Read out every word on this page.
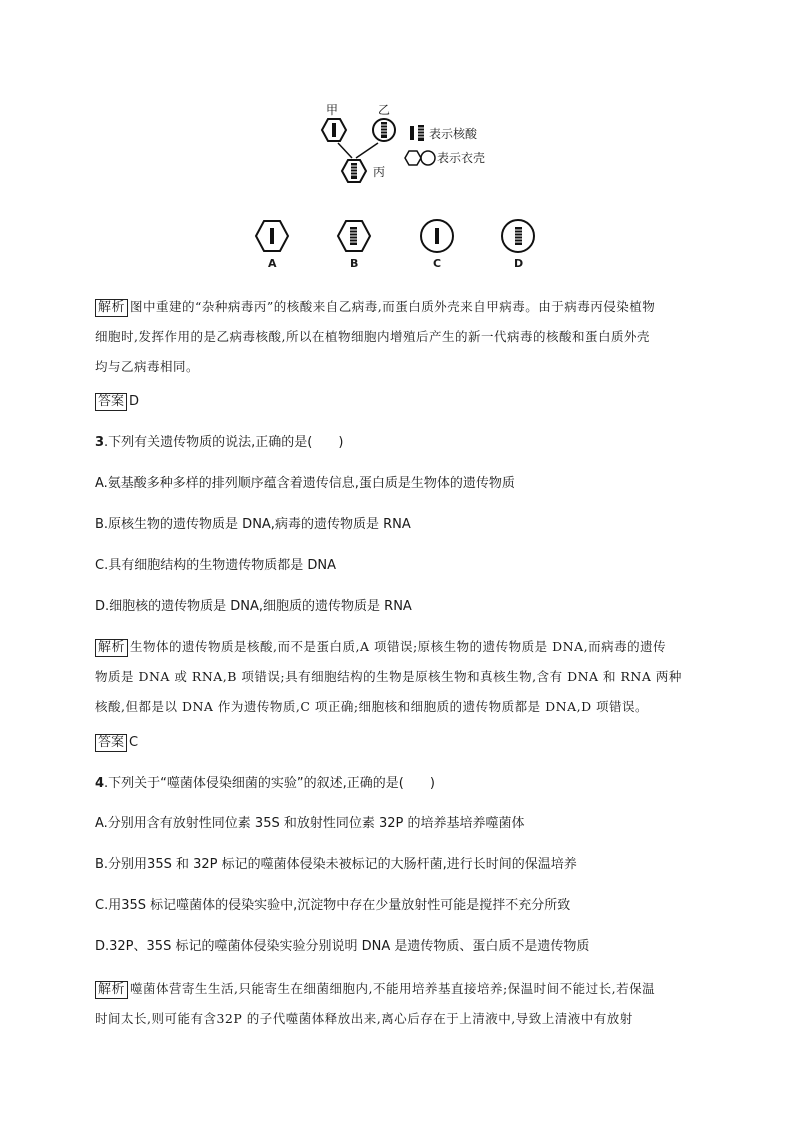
甲	乙
丙
表示核酸
表示衣壳
A	B	C	D
解析 图中重建的“杂种病毒丙”的核酸来自乙病毒,而蛋白质外壳来自甲病毒。由于病毒丙侵染植物
细胞时,发挥作用的是乙病毒核酸,所以在植物细胞内增殖后产生的新一代病毒的核酸和蛋白质外壳
均与乙病毒相同。
答案 D
3.下列有关遗传物质的说法,正确的是(　　)
A.氨基酸多种多样的排列顺序蕴含着遗传信息,蛋白质是生物体的遗传物质
B.原核生物的遗传物质是 DNA,病毒的遗传物质是 RNA
C.具有细胞结构的生物遗传物质都是 DNA
D.细胞核的遗传物质是 DNA,细胞质的遗传物质是 RNA
解析 生物体的遗传物质是核酸,而不是蛋白质,A 项错误;原核生物的遗传物质是 DNA,而病毒的遗传
物质是 DNA 或 RNA,B 项错误;具有细胞结构的生物是原核生物和真核生物,含有 DNA 和 RNA 两种
核酸,但都是以 DNA 作为遗传物质,C 项正确;细胞核和细胞质的遗传物质都是 DNA,D 项错误。
答案 C
4.下列关于“噬菌体侵染细菌的实验”的叙述,正确的是(　　)
A.分别用含有放射性同位素 35S 和放射性同位素 32P 的培养基培养噬菌体
B.分别用35S 和 32P 标记的噬菌体侵染未被标记的大肠杆菌,进行长时间的保温培养
C.用35S 标记噬菌体的侵染实验中,沉淀物中存在少量放射性可能是搅拌不充分所致
D.32P、35S 标记的噬菌体侵染实验分别说明 DNA 是遗传物质、蛋白质不是遗传物质
解析 噬菌体营寄生生活,只能寄生在细菌细胞内,不能用培养基直接培养;保温时间不能过长,若保温
时间太长,则可能有含32P 的子代噬菌体释放出来,离心后存在于上清液中,导致上清液中有放射
